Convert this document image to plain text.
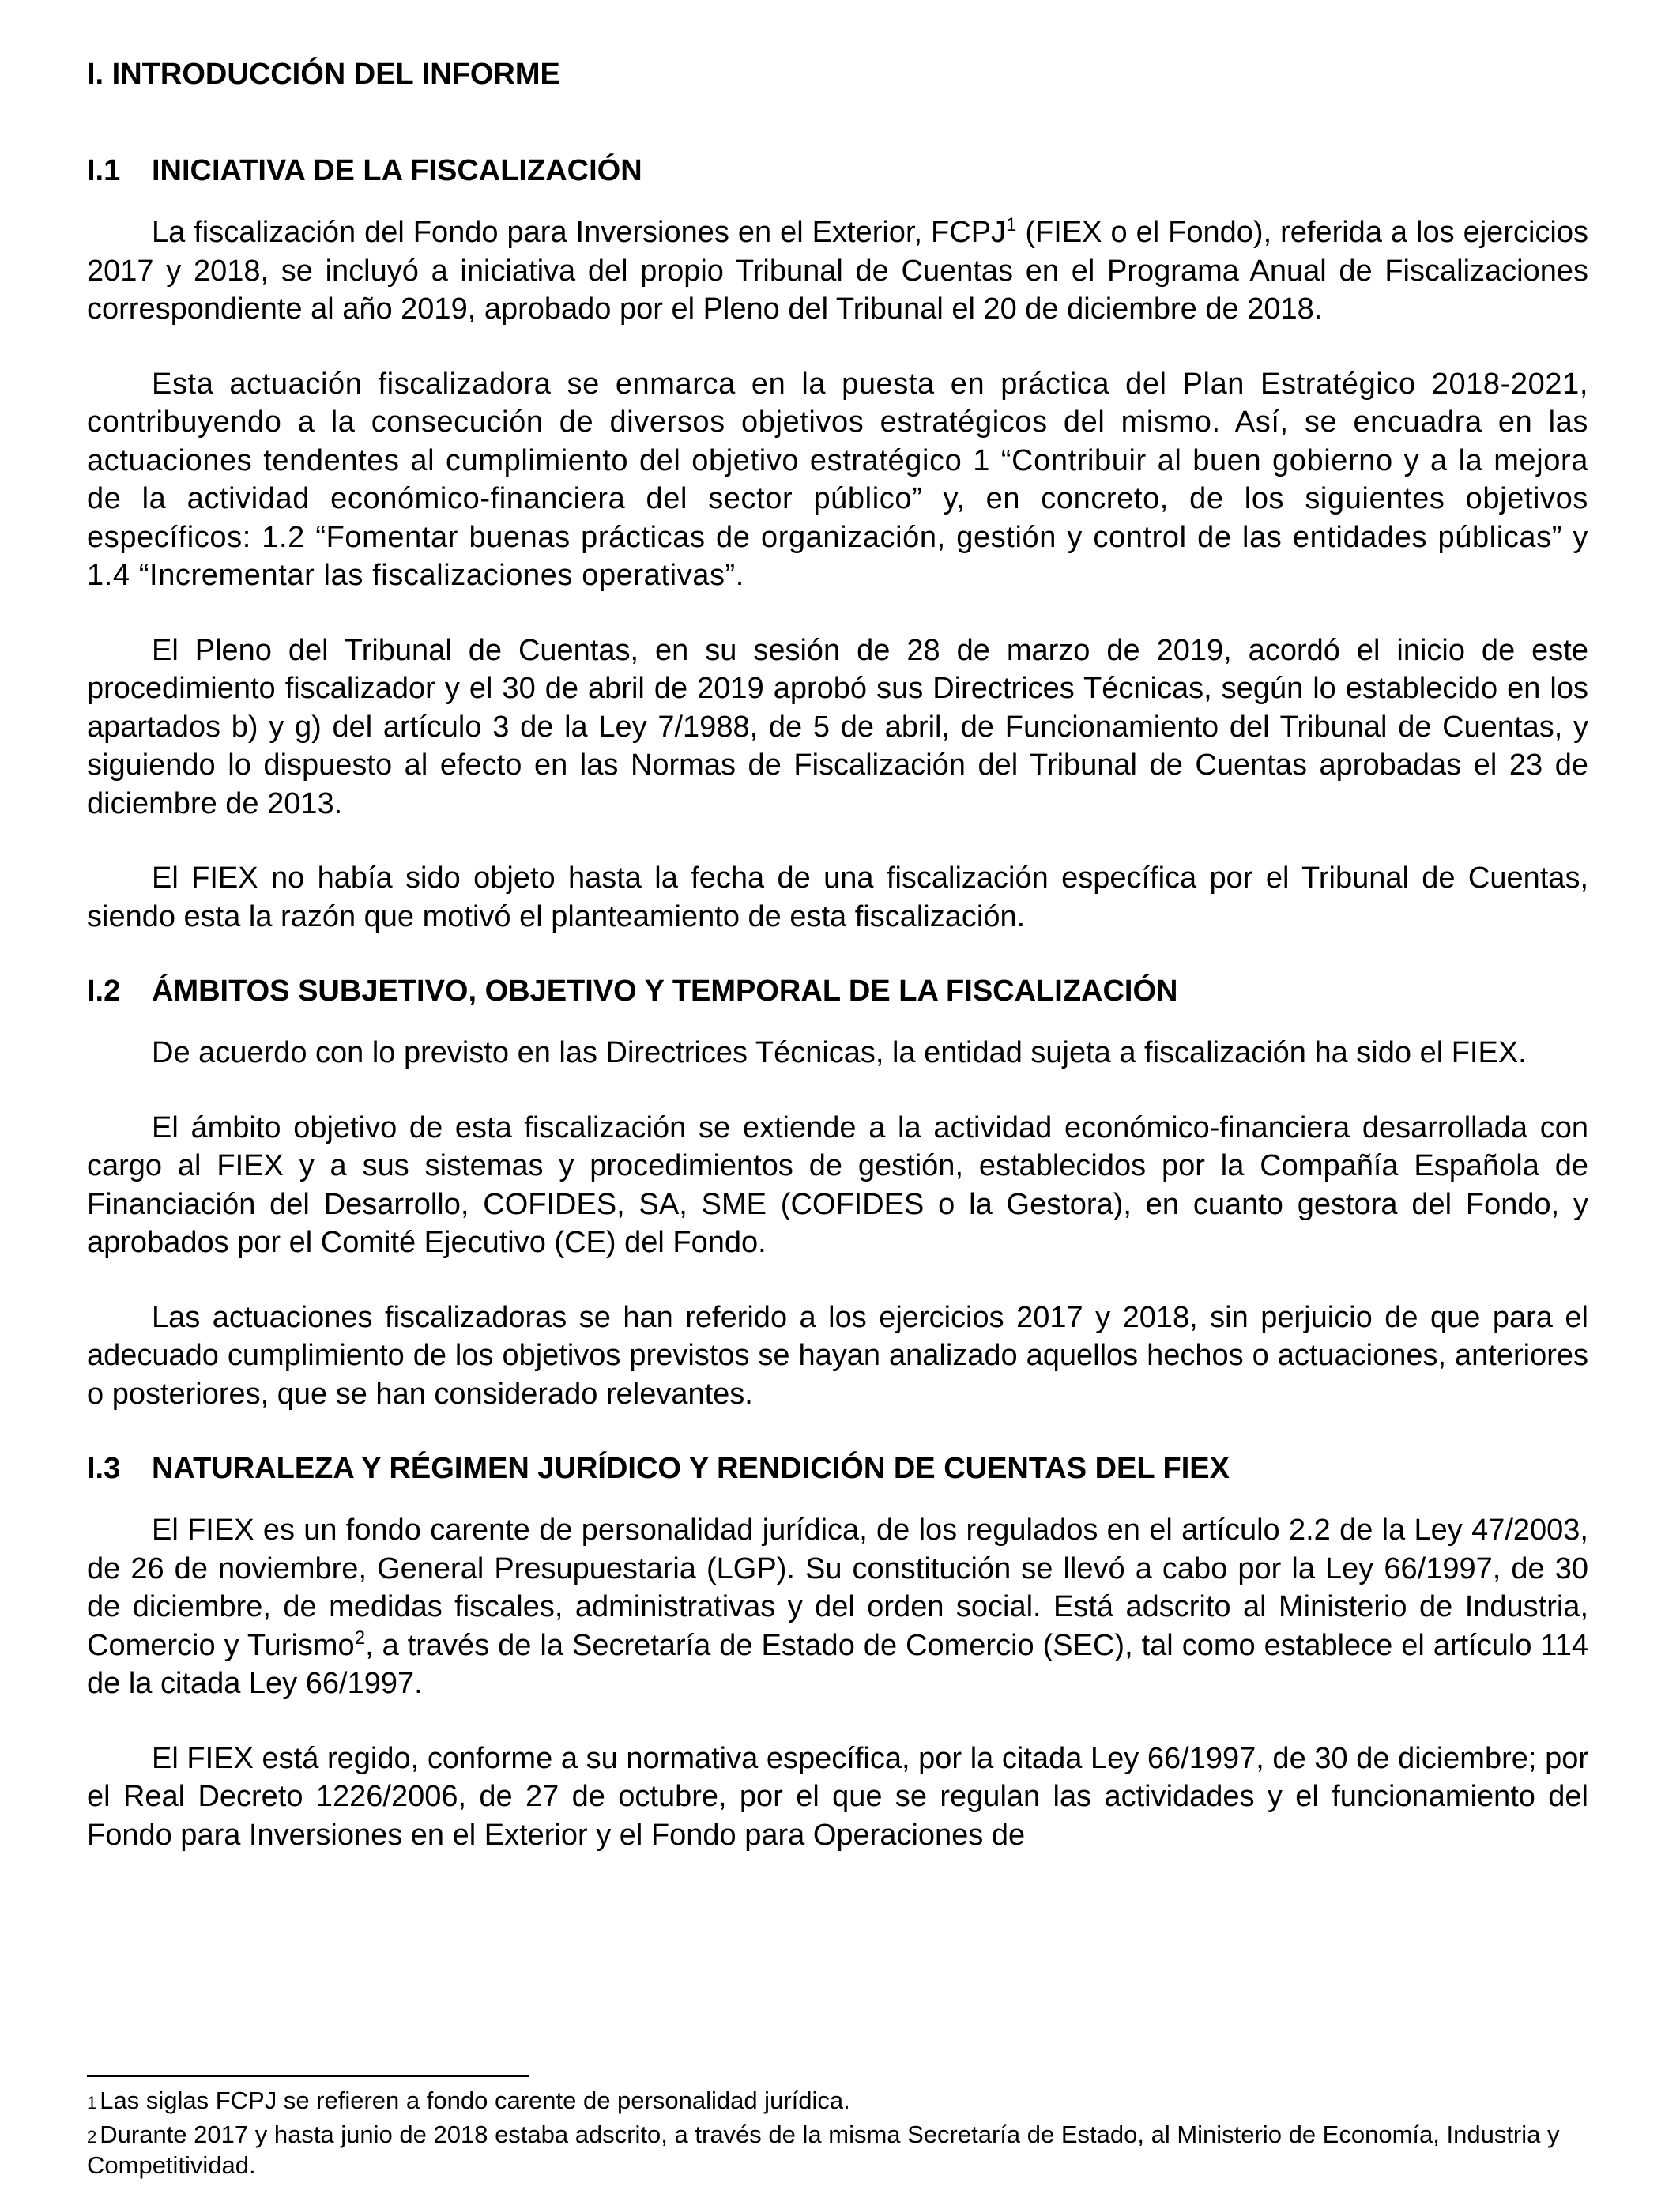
I. INTRODUCCIÓN DEL INFORME
I.1	INICIATIVA DE LA FISCALIZACIÓN

La fiscalización del Fondo para Inversiones en el Exterior, FCPJ$^1$ (FIEX o el Fondo), referida a los ejercicios 2017 y 2018, se incluyó a iniciativa del propio Tribunal de Cuentas en el Programa Anual de Fiscalizaciones correspondiente al año 2019, aprobado por el Pleno del Tribunal el 20 de diciembre de 2018.

Esta actuación fiscalizadora se enmarca en la puesta en práctica del Plan Estratégico 2018-2021, contribuyendo a la consecución de diversos objetivos estratégicos del mismo. Así, se encuadra en las actuaciones tendentes al cumplimiento del objetivo estratégico 1 “Contribuir al buen gobierno y a la mejora de la actividad económico-financiera del sector público” y, en concreto, de los siguientes objetivos específicos: 1.2 “Fomentar buenas prácticas de organización, gestión y control de las entidades públicas” y 1.4 “Incrementar las fiscalizaciones operativas”.

El Pleno del Tribunal de Cuentas, en su sesión de 28 de marzo de 2019, acordó el inicio de este procedimiento fiscalizador y el 30 de abril de 2019 aprobó sus Directrices Técnicas, según lo establecido en los apartados b) y g) del artículo 3 de la Ley 7/1988, de 5 de abril, de Funcionamiento del Tribunal de Cuentas, y siguiendo lo dispuesto al efecto en las Normas de Fiscalización del Tribunal de Cuentas aprobadas el 23 de diciembre de 2013.

El FIEX no había sido objeto hasta la fecha de una fiscalización específica por el Tribunal de Cuentas, siendo esta la razón que motivó el planteamiento de esta fiscalización.

I.2	ÁMBITOS SUBJETIVO, OBJETIVO Y TEMPORAL DE LA FISCALIZACIÓN

De acuerdo con lo previsto en las Directrices Técnicas, la entidad sujeta a fiscalización ha sido el FIEX.

El ámbito objetivo de esta fiscalización se extiende a la actividad económico-financiera desarrollada con cargo al FIEX y a sus sistemas y procedimientos de gestión, establecidos por la Compañía Española de Financiación del Desarrollo, COFIDES, SA, SME (COFIDES o la Gestora), en cuanto gestora del Fondo, y aprobados por el Comité Ejecutivo (CE) del Fondo.

Las actuaciones fiscalizadoras se han referido a los ejercicios 2017 y 2018, sin perjuicio de que para el adecuado cumplimiento de los objetivos previstos se hayan analizado aquellos hechos o actuaciones, anteriores o posteriores, que se han considerado relevantes.

I.3	NATURALEZA Y RÉGIMEN JURÍDICO Y RENDICIÓN DE CUENTAS DEL FIEX

El FIEX es un fondo carente de personalidad jurídica, de los regulados en el artículo 2.2 de la Ley 47/2003, de 26 de noviembre, General Presupuestaria (LGP). Su constitución se llevó a cabo por la Ley 66/1997, de 30 de diciembre, de medidas fiscales, administrativas y del orden social. Está adscrito al Ministerio de Industria, Comercio y Turismo$^2$, a través de la Secretaría de Estado de Comercio (SEC), tal como establece el artículo 114 de la citada Ley 66/1997.

El FIEX está regido, conforme a su normativa específica, por la citada Ley 66/1997, de 30 de diciembre; por el Real Decreto 1226/2006, de 27 de octubre, por el que se regulan las actividades y el funcionamiento del Fondo para Inversiones en el Exterior y el Fondo para Operaciones de

1 Las siglas FCPJ se refieren a fondo carente de personalidad jurídica.
2 Durante 2017 y hasta junio de 2018 estaba adscrito, a través de la misma Secretaría de Estado, al Ministerio de Economía, Industria y Competitividad.
